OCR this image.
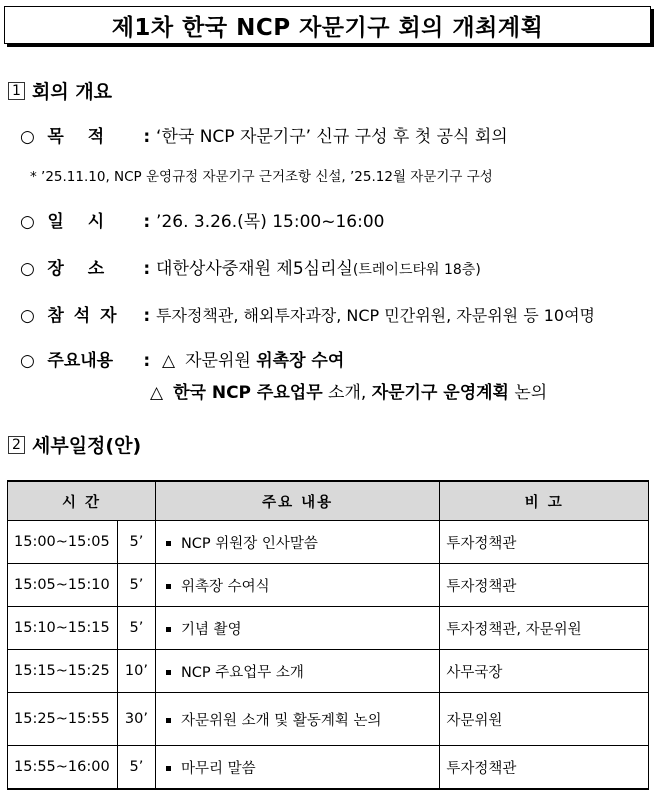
제1차 한국 NCP 자문기구 회의 개최계획
1 회의 개요
○ 목 적 : ‘한국 NCP 자문기구’ 신규 구성 후 첫 공식 회의
* ’25.11.10, NCP 운영규정 자문기구 근거조항 신설, ’25.12월 자문기구 구성
○ 일 시 : ’26. 3.26.(목) 15:00~16:00
○ 장 소 : 대한상사중재원 제5심리실(트레이드타워 18층)
○ 참 석 자 : 투자정책관, 해외투자과장, NCP 민간위원, 자문위원 등 10여명
○ 주요내용 : △ 자문위원 위촉장 수여
△ 한국 NCP 주요업무 소개, 자문기구 운영계획 논의
2 세부일정(안)
시 간		주요 내용	비 고
15:00~15:05	5’	NCP 위원장 인사말씀	투자정책관
15:05~15:10	5’	위촉장 수여식	투자정책관
15:10~15:15	5’	기념 촬영	투자정책관, 자문위원
15:15~15:25	10’	NCP 주요업무 소개	사무국장
15:25~15:55	30’	자문위원 소개 및 활동계획 논의	자문위원
15:55~16:00	5’	마무리 말씀	투자정책관
